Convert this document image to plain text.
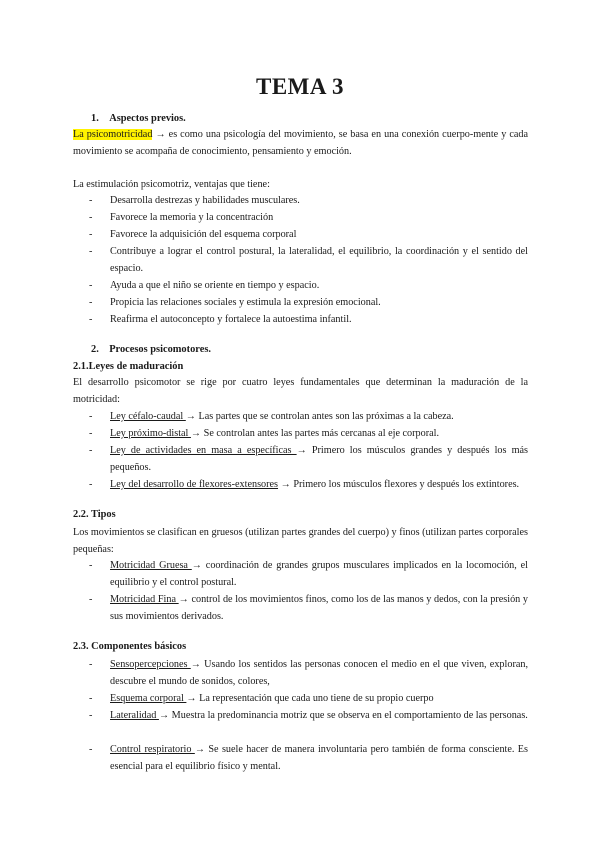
TEMA 3
1. Aspectos previos.
La psicomotricidad → es como una psicología del movimiento, se basa en una conexión cuerpo-mente y cada movimiento se acompaña de conocimiento, pensamiento y emoción.
La estimulación psicomotriz, ventajas que tiene:
- Desarrolla destrezas y habilidades musculares.
- Favorece la memoria y la concentración
- Favorece la adquisición del esquema corporal
- Contribuye a lograr el control postural, la lateralidad, el equilibrio, la coordinación y el sentido del espacio.
- Ayuda a que el niño se oriente en tiempo y espacio.
- Propicia las relaciones sociales y estimula la expresión emocional.
- Reafirma el autoconcepto y fortalece la autoestima infantil.
2. Procesos psicomotores.
2.1.Leyes de maduración
El desarrollo psicomotor se rige por cuatro leyes fundamentales que determinan la maduración de la motricidad:
- Ley céfalo-caudal → Las partes que se controlan antes son las próximas a la cabeza.
- Ley próximo-distal → Se controlan antes las partes más cercanas al eje corporal.
- Ley de actividades en masa a específicas → Primero los músculos grandes y después los más pequeños.
- Ley del desarrollo de flexores-extensores → Primero los músculos flexores y después los extintores.
2.2. Tipos
Los movimientos se clasifican en gruesos (utilizan partes grandes del cuerpo) y finos (utilizan partes corporales pequeñas:
- Motricidad Gruesa → coordinación de grandes grupos musculares implicados en la locomoción, el equilibrio y el control postural.
- Motricidad Fina → control de los movimientos finos, como los de las manos y dedos, con la presión y sus movimientos derivados.
2.3. Componentes básicos
- Sensopercepciones → Usando los sentidos las personas conocen el medio en el que viven, exploran, descubre el mundo de sonidos, colores,
- Esquema corporal → La representación que cada uno tiene de su propio cuerpo
- Lateralidad → Muestra la predominancia motriz que se observa en el comportamiento de las personas.
- Control respiratorio → Se suele hacer de manera involuntaria pero también de forma consciente. Es esencial para el equilibrio físico y mental.
